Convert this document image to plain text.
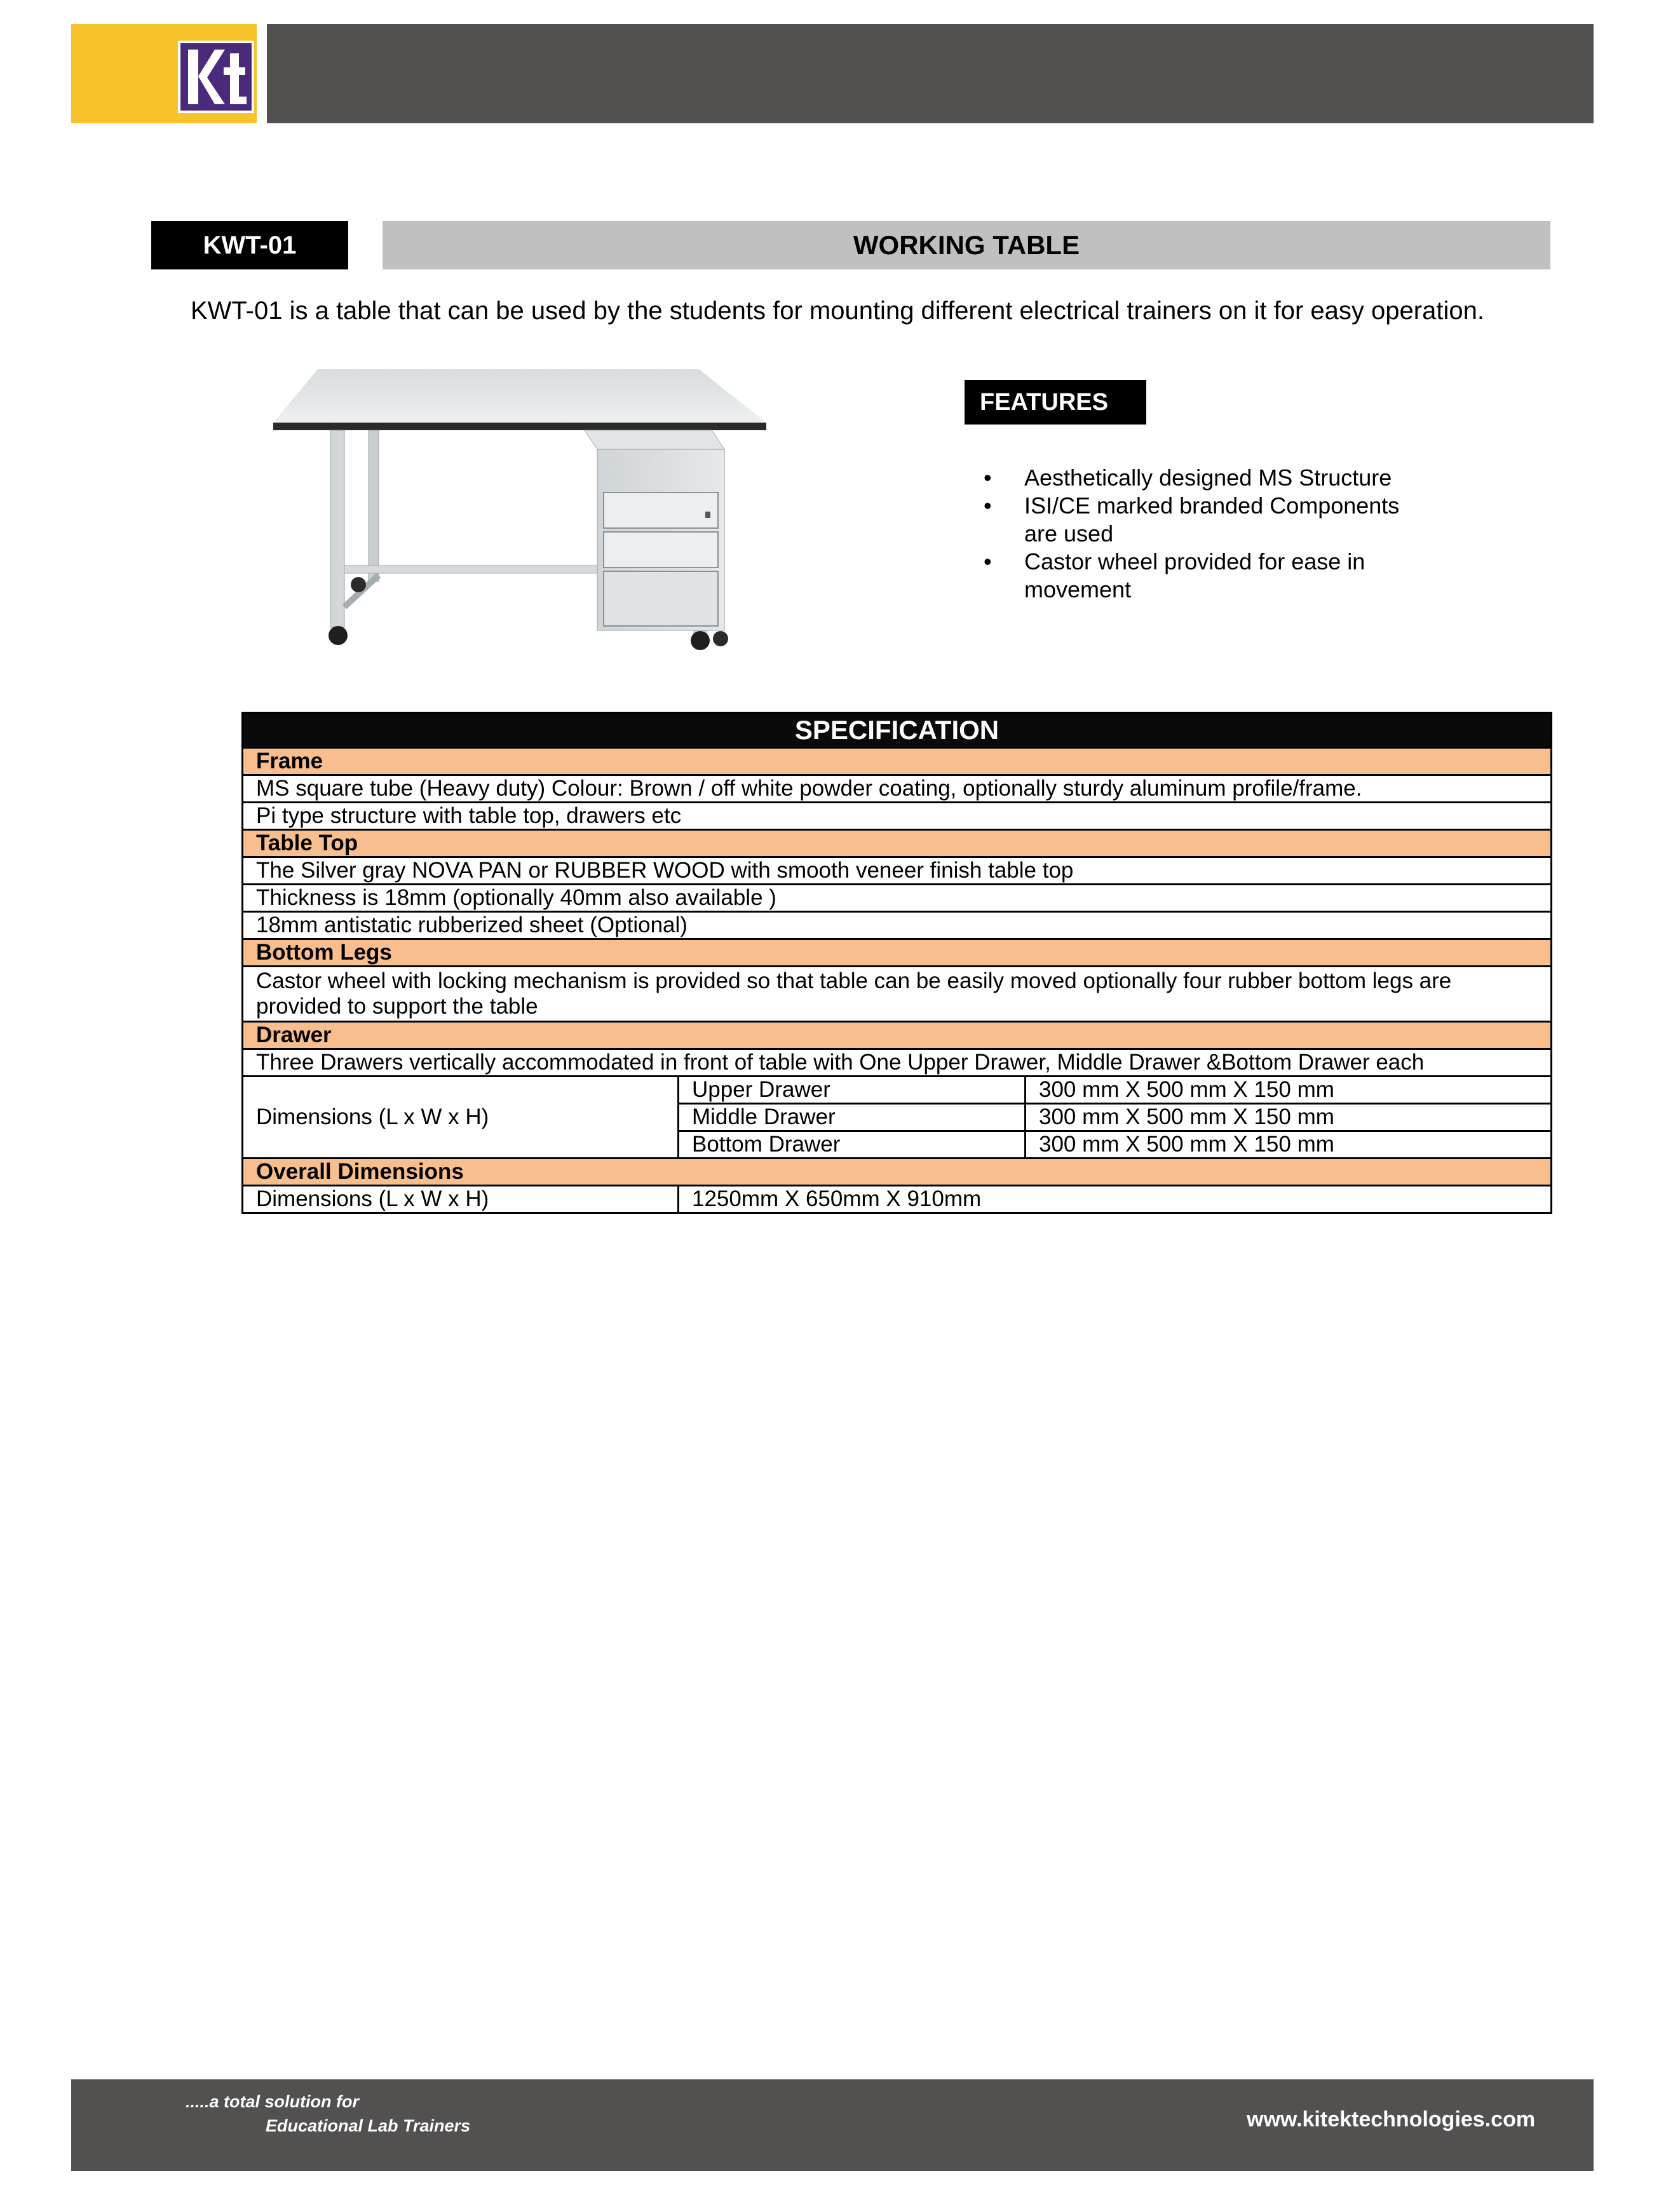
KWT-01	WORKING TABLE
KWT-01 is a table that can be used by the students for mounting different electrical trainers on it for easy operation.
FEATURES
• Aesthetically designed MS Structure
• ISI/CE marked branded Components are used
• Castor wheel provided for ease in movement
SPECIFICATION		
Frame		
MS square tube (Heavy duty) Colour: Brown / off white powder coating, optionally sturdy aluminum profile/frame.		
Pi type structure with table top, drawers etc		
Table Top		
The Silver gray NOVA PAN or RUBBER WOOD with smooth veneer finish table top		
Thickness is 18mm (optionally 40mm also available )		
18mm antistatic rubberized sheet (Optional)		
Bottom Legs		
Castor wheel with locking mechanism is provided so that table can be easily moved optionally four rubber bottom legs are provided to support the table		
Drawer		
Three Drawers vertically accommodated in front of table with One Upper Drawer, Middle Drawer &Bottom Drawer each		
Dimensions (L x W x H)	Upper Drawer	300 mm X 500 mm X 150 mm
	Middle Drawer	300 mm X 500 mm X 150 mm
	Bottom Drawer	300 mm X 500 mm X 150 mm
Overall Dimensions		
Dimensions (L x W x H)	1250mm X 650mm X 910mm	
.....a total solution for
Educational Lab Trainers	www.kitektechnologies.com
